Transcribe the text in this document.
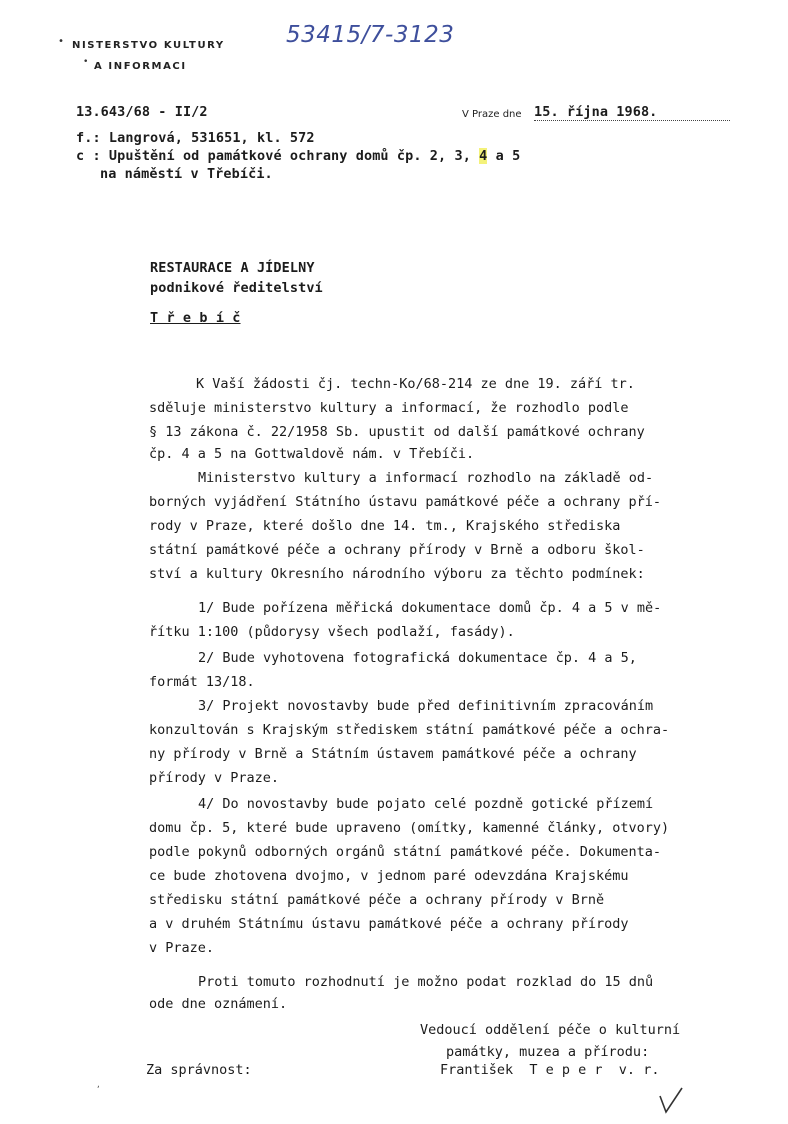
• NISTERSTVO KULTURY
• A INFORMACI
53415/7-3123
13.643/68 - II/2	V Praze dne 15. října 1968.
f.: Langrová, 531651, kl. 572
c : Upuštění od památkové ochrany domů čp. 2, 3, 4 a 5
na náměstí v Třebíči.
RESTAURACE A JÍDELNY
podnikové ředitelství
T ř e b í č
K Vaší žádosti čj. techn-Ko/68-214 ze dne 19. září tr.
sděluje ministerstvo kultury a informací, že rozhodlo podle
§ 13 zákona č. 22/1958 Sb. upustit od další památkové ochrany
čp. 4 a 5 na Gottwaldově nám. v Třebíči.
Ministerstvo kultury a informací rozhodlo na základě od-
borných vyjádření Státního ústavu památkové péče a ochrany pří-
rody v Praze, které došlo dne 14. tm., Krajského střediska
státní památkové péče a ochrany přírody v Brně a odboru škol-
ství a kultury Okresního národního výboru za těchto podmínek:
1/ Bude pořízena měřická dokumentace domů čp. 4 a 5 v mě-
řítku 1:100 (půdorysy všech podlaží, fasády).
2/ Bude vyhotovena fotografická dokumentace čp. 4 a 5,
formát 13/18.
3/ Projekt novostavby bude před definitivním zpracováním
konzultován s Krajským střediskem státní památkové péče a ochra-
ny přírody v Brně a Státním ústavem památkové péče a ochrany
přírody v Praze.
4/ Do novostavby bude pojato celé pozdně gotické přízemí
domu čp. 5, které bude upraveno (omítky, kamenné články, otvory)
podle pokynů odborných orgánů státní památkové péče. Dokumenta-
ce bude zhotovena dvojmo, v jednom paré odevzdána Krajskému
středisku státní památkové péče a ochrany přírody v Brně
a v druhém Státnímu ústavu památkové péče a ochrany přírody
v Praze.
Proti tomuto rozhodnutí je možno podat rozklad do 15 dnů
ode dne oznámení.
Vedoucí oddělení péče o kulturní
památky, muzea a přírodu:
Za správnost:	František  T e p e r  v. r.
,
